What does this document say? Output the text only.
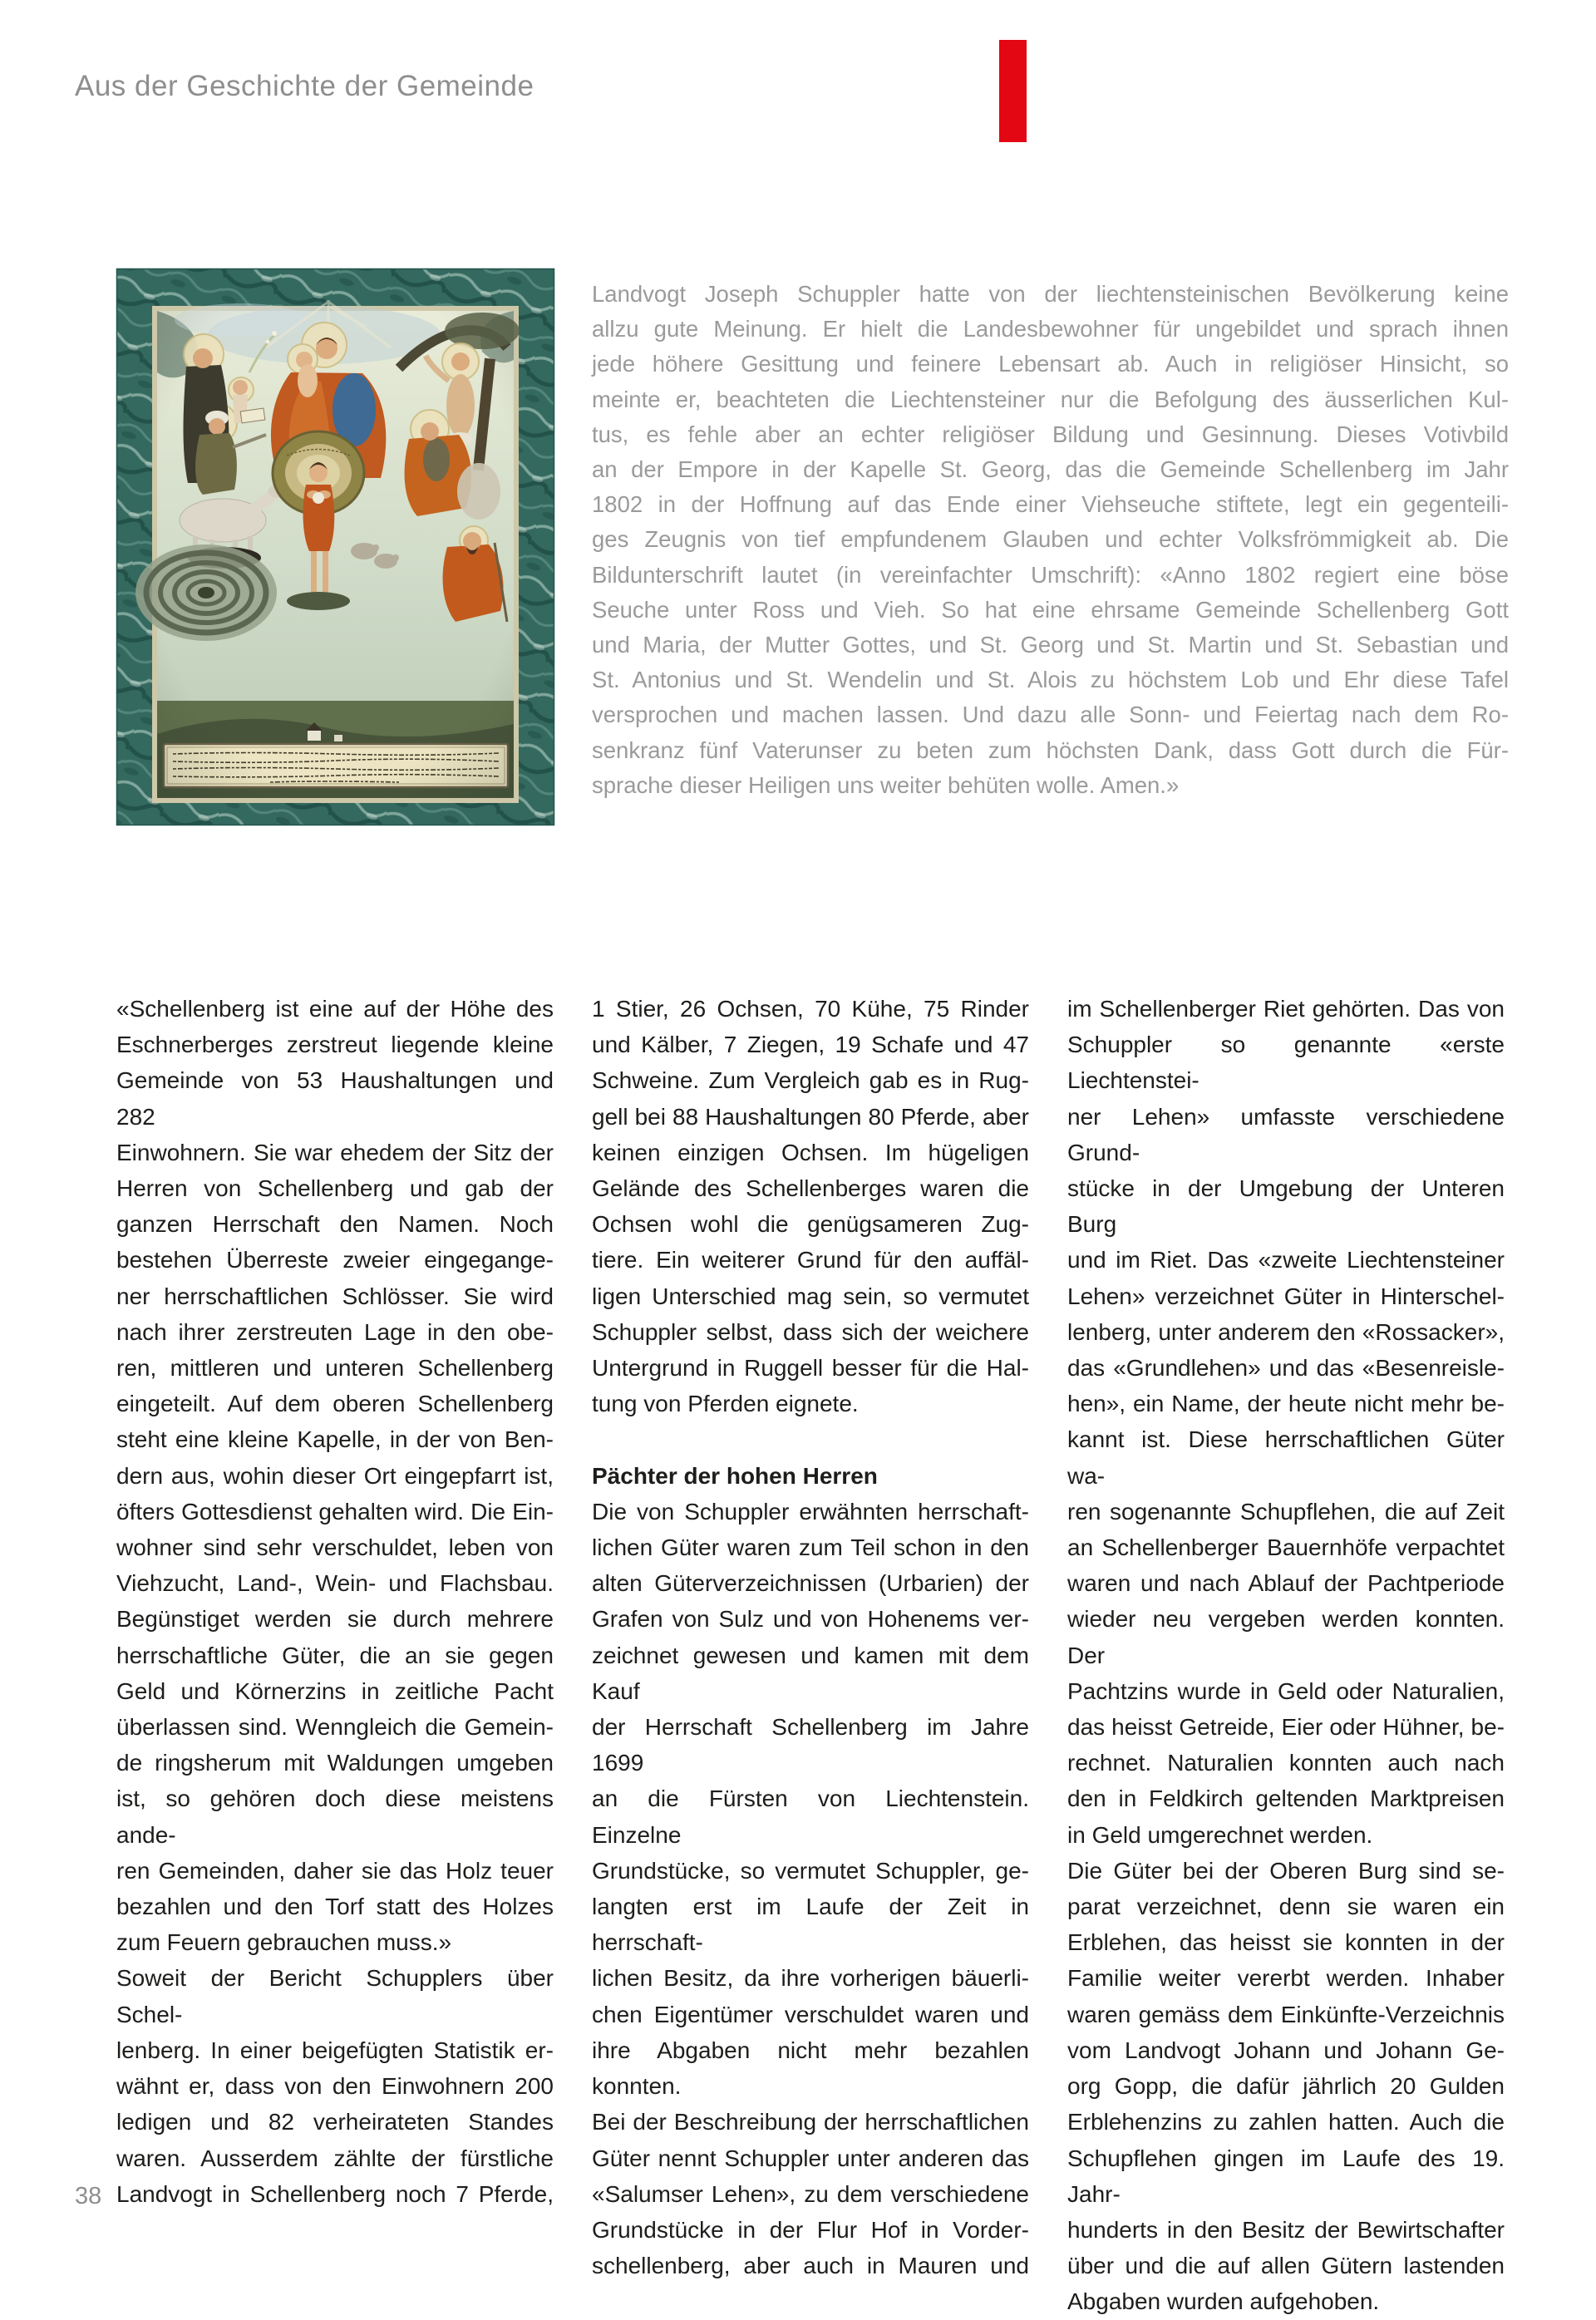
Aus der Geschichte der Gemeinde
Landvogt Joseph Schuppler hatte von der liechtensteinischen Bevölkerung keine
allzu gute Meinung. Er hielt die Landesbewohner für ungebildet und sprach ihnen
jede höhere Gesittung und feinere Lebensart ab. Auch in religiöser Hinsicht, so
meinte er, beachteten die Liechtensteiner nur die Befolgung des äusserlichen Kul-
tus, es fehle aber an echter religiöser Bildung und Gesinnung. Dieses Votivbild
an der Empore in der Kapelle St. Georg, das die Gemeinde Schellenberg im Jahr
1802 in der Hoffnung auf das Ende einer Viehseuche stiftete, legt ein gegenteili-
ges Zeugnis von tief empfundenem Glauben und echter Volksfrömmigkeit ab. Die
Bildunterschrift lautet (in vereinfachter Umschrift): «Anno 1802 regiert eine böse
Seuche unter Ross und Vieh. So hat eine ehrsame Gemeinde Schellenberg Gott
und Maria, der Mutter Gottes, und St. Georg und St. Martin und St. Sebastian und
St. Antonius und St. Wendelin und St. Alois zu höchstem Lob und Ehr diese Tafel
versprochen und machen lassen. Und dazu alle Sonn- und Feiertag nach dem Ro-
senkranz fünf Vaterunser zu beten zum höchsten Dank, dass Gott durch die Für-
sprache dieser Heiligen uns weiter behüten wolle. Amen.»
«Schellenberg ist eine auf der Höhe des
Eschnerberges zerstreut liegende kleine
Gemeinde von 53 Haushaltungen und 282
Einwohnern. Sie war ehedem der Sitz der
Herren von Schellenberg und gab der
ganzen Herrschaft den Namen. Noch
bestehen Überreste zweier eingegange-
ner herrschaftlichen Schlösser. Sie wird
nach ihrer zerstreuten Lage in den obe-
ren, mittleren und unteren Schellenberg
eingeteilt. Auf dem oberen Schellenberg
steht eine kleine Kapelle, in der von Ben-
dern aus, wohin dieser Ort eingepfarrt ist,
öfters Gottesdienst gehalten wird. Die Ein-
wohner sind sehr verschuldet, leben von
Viehzucht, Land-, Wein- und Flachsbau.
Begünstiget werden sie durch mehrere
herrschaftliche Güter, die an sie gegen
Geld und Körnerzins in zeitliche Pacht
überlassen sind. Wenngleich die Gemein-
de ringsherum mit Waldungen umgeben
ist, so gehören doch diese meistens ande-
ren Gemeinden, daher sie das Holz teuer
bezahlen und den Torf statt des Holzes
zum Feuern gebrauchen muss.»
Soweit der Bericht Schupplers über Schel-
lenberg. In einer beigefügten Statistik er-
wähnt er, dass von den Einwohnern 200
ledigen und 82 verheirateten Standes
waren. Ausserdem zählte der fürstliche
Landvogt in Schellenberg noch 7 Pferde,
1 Stier, 26 Ochsen, 70 Kühe, 75 Rinder
und Kälber, 7 Ziegen, 19 Schafe und 47
Schweine. Zum Vergleich gab es in Rug-
gell bei 88 Haushaltungen 80 Pferde, aber
keinen einzigen Ochsen. Im hügeligen
Gelände des Schellenberges waren die
Ochsen wohl die genügsameren Zug-
tiere. Ein weiterer Grund für den auffäl-
ligen Unterschied mag sein, so vermutet
Schuppler selbst, dass sich der weichere
Untergrund in Ruggell besser für die Hal-
tung von Pferden eignete.

Pächter der hohen Herren
Die von Schuppler erwähnten herrschaft-
lichen Güter waren zum Teil schon in den
alten Güterverzeichnissen (Urbarien) der
Grafen von Sulz und von Hohenems ver-
zeichnet gewesen und kamen mit dem Kauf
der Herrschaft Schellenberg im Jahre 1699
an die Fürsten von Liechtenstein. Einzelne
Grundstücke, so vermutet Schuppler, ge-
langten erst im Laufe der Zeit in herrschaft-
lichen Besitz, da ihre vorherigen bäuerli-
chen Eigentümer verschuldet waren und
ihre Abgaben nicht mehr bezahlen konnten.
Bei der Beschreibung der herrschaftlichen
Güter nennt Schuppler unter anderen das
«Salumser Lehen», zu dem verschiedene
Grundstücke in der Flur Hof in Vorder-
schellenberg, aber auch in Mauren und
im Schellenberger Riet gehörten. Das von
Schuppler so genannte «erste Liechtenstei-
ner Lehen» umfasste verschiedene Grund-
stücke in der Umgebung der Unteren Burg
und im Riet. Das «zweite Liechtensteiner
Lehen» verzeichnet Güter in Hinterschel-
lenberg, unter anderem den «Rossacker»,
das «Grundlehen» und das «Besenreisle-
hen», ein Name, der heute nicht mehr be-
kannt ist. Diese herrschaftlichen Güter wa-
ren sogenannte Schupflehen, die auf Zeit
an Schellenberger Bauernhöfe verpachtet
waren und nach Ablauf der Pachtperiode
wieder neu vergeben werden konnten. Der
Pachtzins wurde in Geld oder Naturalien,
das heisst Getreide, Eier oder Hühner, be-
rechnet. Naturalien konnten auch nach
den in Feldkirch geltenden Marktpreisen
in Geld umgerechnet werden.
Die Güter bei der Oberen Burg sind se-
parat verzeichnet, denn sie waren ein
Erblehen, das heisst sie konnten in der
Familie weiter vererbt werden. Inhaber
waren gemäss dem Einkünfte-Verzeichnis
vom Landvogt Johann und Johann Ge-
org Gopp, die dafür jährlich 20 Gulden
Erblehenzins zu zahlen hatten. Auch die
Schupflehen gingen im Laufe des 19. Jahr-
hunderts in den Besitz der Bewirtschafter
über und die auf allen Gütern lastenden
Abgaben wurden aufgehoben.
38
